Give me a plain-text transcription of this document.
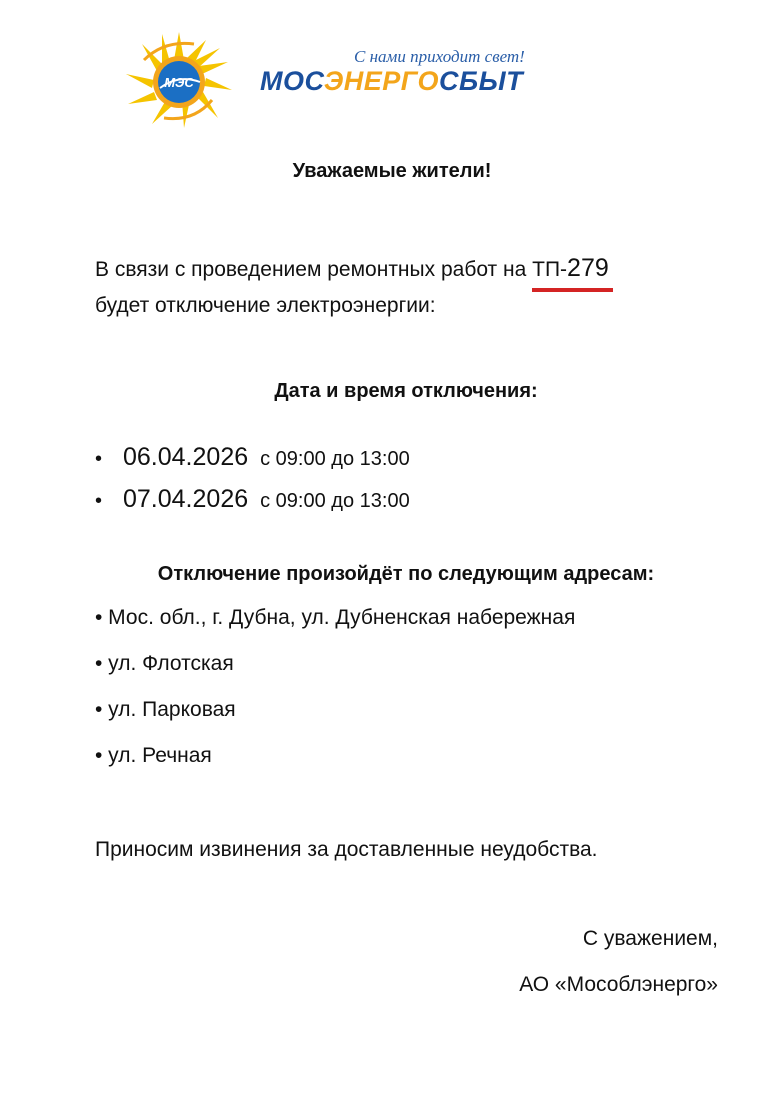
МЭС
С нами приходит свет!
МОСЭНЕРГОСБЫТ
Уважаемые жители!
В связи с проведением ремонтных работ на ТП-279

будет отключение электроэнергии:
Дата и время отключения:
• 06.04.2026 с 09:00 до 13:00
• 07.04.2026 с 09:00 до 13:00
Отключение произойдёт по следующим адресам:
• Мос. обл., г. Дубна, ул. Дубненская набережная
• ул. Флотская
• ул. Парковая
• ул. Речная
Приносим извинения за доставленные неудобства.
С уважением,
АО «Мособлэнерго»
